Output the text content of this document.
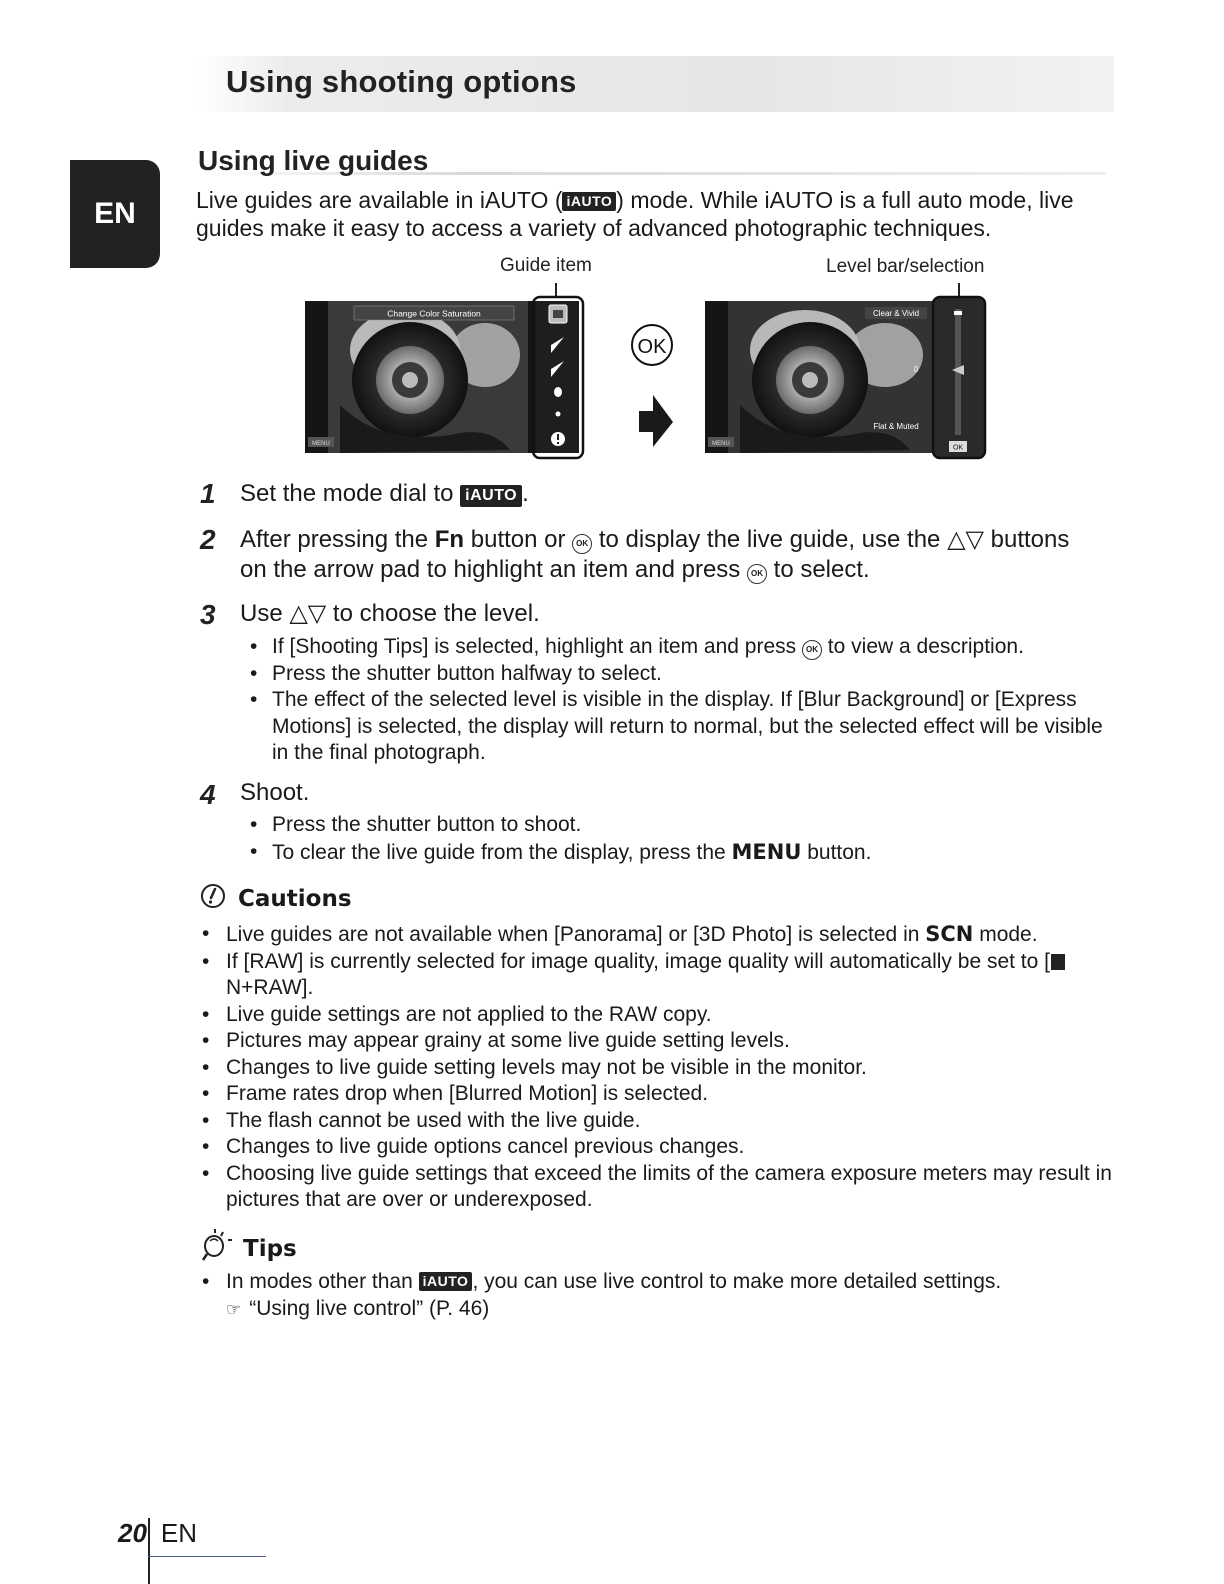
Using shooting options
EN
Using live guides
Live guides are available in iAUTO ( iAUTO ) mode. While iAUTO is a full auto mode, live guides make it easy to access a variety of advanced photographic techniques.
Guide item	Level bar/selection
Change Color Saturation
MENU
OK
Clear & Vivid
0
Flat & Muted
MENU
OK
1 Set the mode dial to iAUTO .
2 After pressing the Fn button or OK to display the live guide, use the △▽ buttons on the arrow pad to highlight an item and press OK to select.
3 Use △▽ to choose the level.
• If [Shooting Tips] is selected, highlight an item and press OK to view a description.
• Press the shutter button halfway to select.
• The effect of the selected level is visible in the display. If [Blur Background] or [Express Motions] is selected, the display will return to normal, but the selected effect will be visible in the final photograph.
4 Shoot.
• Press the shutter button to shoot.
• To clear the live guide from the display, press the MENU button.
Cautions
• Live guides are not available when [Panorama] or [3D Photo] is selected in SCN mode.
• If [RAW] is currently selected for image quality, image quality will automatically be set to [N+RAW].
• Live guide settings are not applied to the RAW copy.
• Pictures may appear grainy at some live guide setting levels.
• Changes to live guide setting levels may not be visible in the monitor.
• Frame rates drop when [Blurred Motion] is selected.
• The flash cannot be used with the live guide.
• Changes to live guide options cancel previous changes.
• Choosing live guide settings that exceed the limits of the camera exposure meters may result in pictures that are over or underexposed.
Tips
• In modes other than iAUTO , you can use live control to make more detailed settings.
☞ “Using live control” (P. 46)
20 EN
